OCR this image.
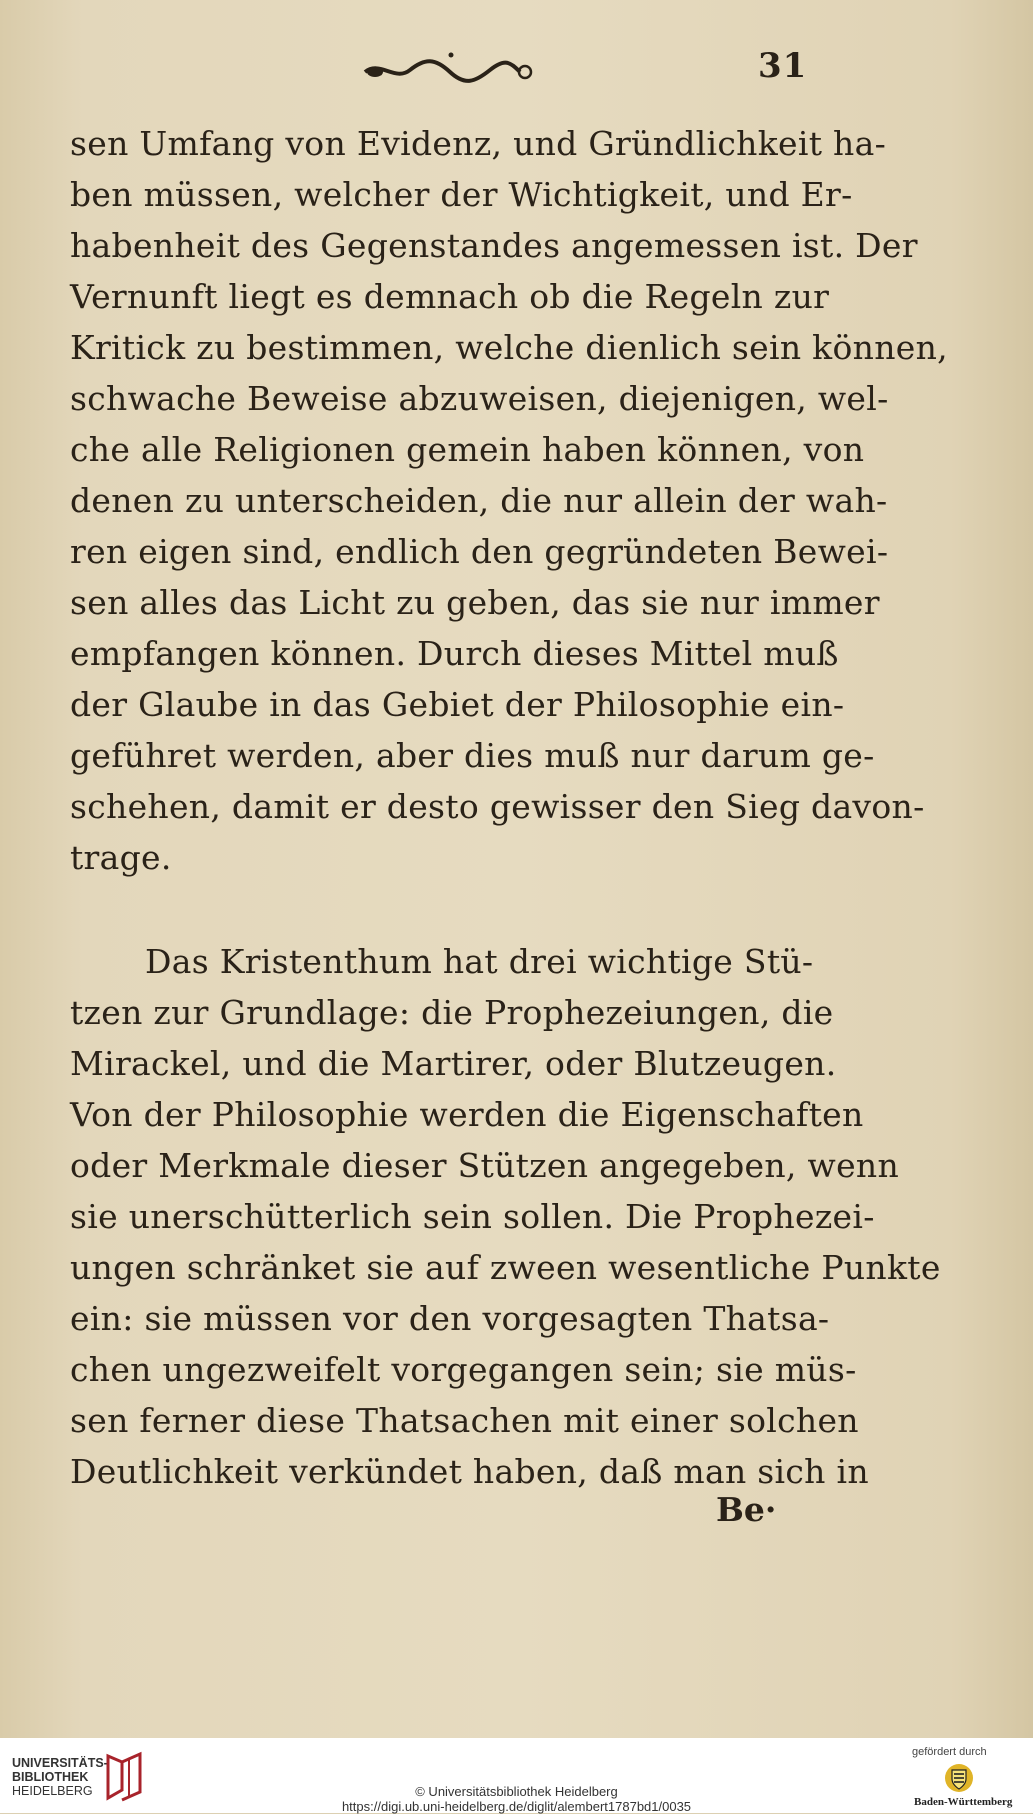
31
sen Umfang von Evidenz, und Gründlichkeit ha-
ben müssen, welcher der Wichtigkeit, und Er-
habenheit des Gegenstandes angemessen ist. Der
Vernunft liegt es demnach ob die Regeln zur
Kritick zu bestimmen, welche dienlich sein können,
schwache Beweise abzuweisen, diejenigen, wel-
che alle Religionen gemein haben können, von
denen zu unterscheiden, die nur allein der wah-
ren eigen sind, endlich den gegründeten Bewei-
sen alles das Licht zu geben, das sie nur immer
empfangen können. Durch dieses Mittel muß
der Glaube in das Gebiet der Philosophie ein-
geführet werden, aber dies muß nur darum ge-
schehen, damit er desto gewisser den Sieg davon-
trage.
Das Kristenthum hat drei wichtige Stü-
tzen zur Grundlage: die Prophezeiungen, die
Mirackel, und die Martirer, oder Blutzeugen.
Von der Philosophie werden die Eigenschaften
oder Merkmale dieser Stützen angegeben, wenn
sie unerschütterlich sein sollen. Die Prophezei-
ungen schränket sie auf zween wesentliche Punkte
ein: sie müssen vor den vorgesagten Thatsa-
chen ungezweifelt vorgegangen sein; sie müs-
sen ferner diese Thatsachen mit einer solchen
Deutlichkeit verkündet haben, daß man sich in
Be·
UNIVERSITÄTS-
BIBLIOTHEK
HEIDELBERG	© Universitätsbibliothek Heidelberg
https://digi.ub.uni-heidelberg.de/diglit/alembert1787bd1/0035
gefördert durch
Baden-Württemberg
